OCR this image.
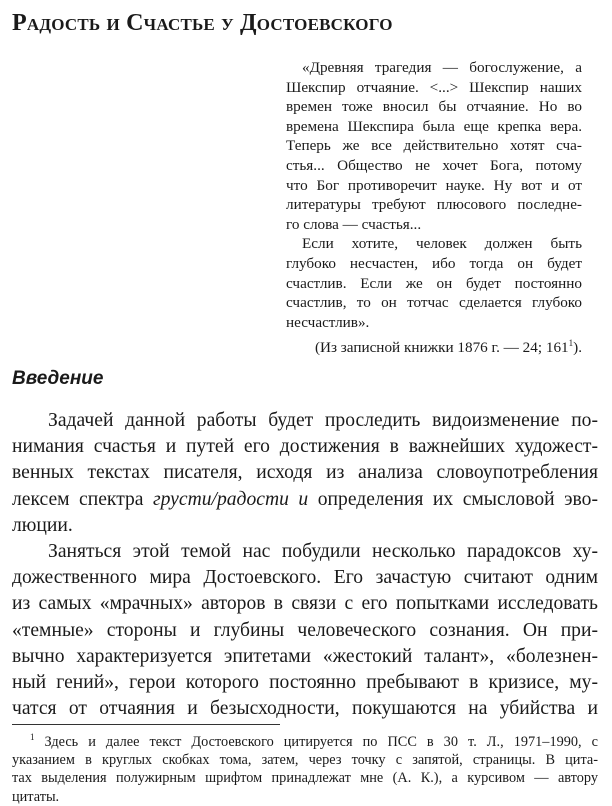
Радость и Счастье у Достоевского

«Древняя трагедия — богослужение, а
Шекспир отчаяние. <...> Шекспир наших
времен тоже вносил бы отчаяние. Но во
времена Шекспира была еще крепка вера.
Теперь же все действительно хотят сча-
стья... Общество не хочет Бога, потому
что Бог противоречит науке. Ну вот и от
литературы требуют плюсового последне-
го слова — счастья...

Если хотите, человек должен быть
глубоко несчастен, ибо тогда он будет
счастлив. Если же он будет постоянно
счастлив, то он тотчас сделается глубоко
несчастлив».

(Из записной книжки 1876 г. — 24; $161^1$).

Введение

Задачей данной работы будет проследить видоизменение по-
нимания счастья и путей его достижения в важнейших художест-
венных текстах писателя, исходя из анализа словоупотребления
лексем спектра грусти/радости и определения их смысловой эво-
люции.

Заняться этой темой нас побудили несколько парадоксов ху-
дожественного мира Достоевского. Его зачастую считают одним
из самых «мрачных» авторов в связи с его попытками исследовать
«темные» стороны и глубины человеческого сознания. Он при-
вычно характеризуется эпитетами «жестокий талант», «болезнен-
ный гений», герои которого постоянно пребывают в кризисе, му-
чатся от отчаяния и безысходности, покушаются на убийства и

$^1$ Здесь и далее текст Достоевского цитируется по ПСС в 30 т. Л., 1971–1990, с
указанием в круглых скобках тома, затем, через точку с запятой, страницы. В цита-
тах выделения полужирным шрифтом принадлежат мне (А. К.), а курсивом — автору
цитаты.
